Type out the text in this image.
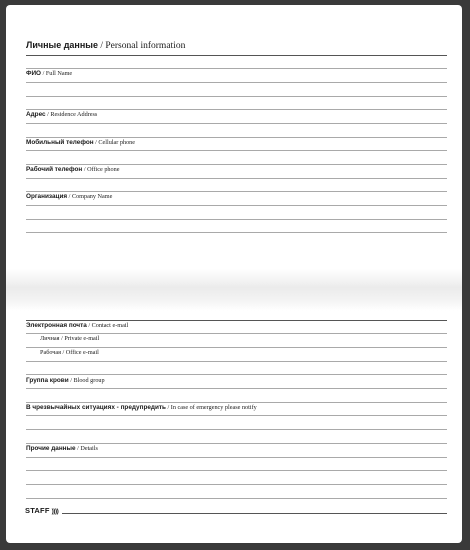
Личные данные / Personal information
ФИО / Full Name
Адрес / Residence Address
Мобильный телефон / Cellular phone
Рабочий телефон / Office phone
Организация / Company Name
Электронная почта / Contact e-mail
Личная / Private e-mail
Рабочая / Office e-mail
Группа крови / Blood group
В чрезвычайных ситуациях - предупредить / In case of emergency please notify
Прочие данные / Details
STAFF ))))
